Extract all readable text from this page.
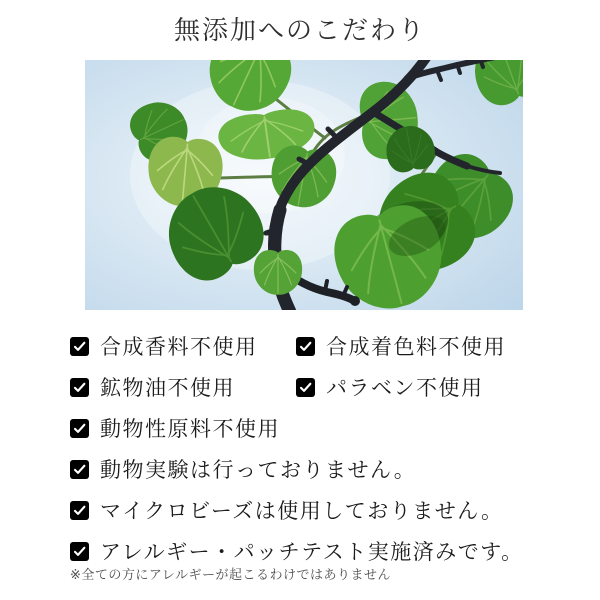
無添加へのこだわり
合成香料不使用	合成着色料不使用
鉱物油不使用	パラベン不使用
動物性原料不使用
動物実験は行っておりません。
マイクロビーズは使用しておりません。
アレルギー・パッチテスト実施済みです。

※全ての方にアレルギーが起こるわけではありません
